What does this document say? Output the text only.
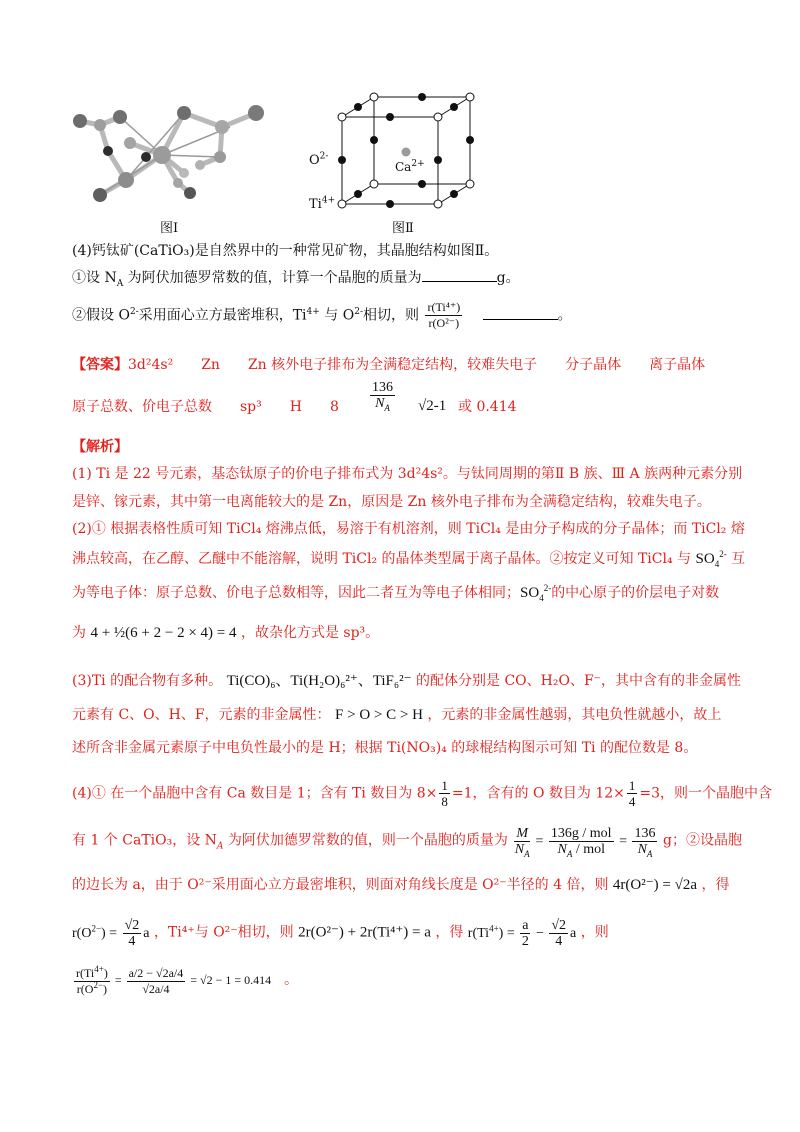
图Ⅰ
$O^{2-}$
$Ca^{2+}$
$Ti^{4+}$
图Ⅱ
(4)钙钛矿(CaTiO₃)是自然界中的一种常见矿物，其晶胞结构如图Ⅱ。
①设 $N_A$ 为阿伏加德罗常数的值，计算一个晶胞的质量为	g。
②假设 $O^{2-}$采用面心立方最密堆积，$Ti^{4+}$ 与 $O^{2-}$相切，则 $\frac{\text{r(Ti⁴⁺)}}{\text{r(O²⁻)}}$	。
【答案】3d²4s² Zn Zn 核外电子排布为全满稳定结构，较难失电子 分子晶体 离子晶体
原子总数、价电子总数 sp³ H 8	$\frac{136}{N_A} √2-1$ 或 0.414
【解析】
(1) Ti 是 22 号元素，基态钛原子的价电子排布式为 3d²4s²。与钛同周期的第Ⅱ B 族、Ⅲ A 族两种元素分别
是锌、镓元素，其中第一电离能较大的是 Zn，原因是 Zn 核外电子排布为全满稳定结构，较难失电子。
(2)① 根据表格性质可知 TiCl₄ 熔沸点低，易溶于有机溶剂，则 TiCl₄ 是由分子构成的分子晶体；而 TiCl₂ 熔
沸点较高，在乙醇、乙醚中不能溶解，说明 TiCl₂ 的晶体类型属于离子晶体。②按定义可知 TiCl₄ 与 $SO_4^{2-}$ 互
为等电子体：原子总数、价电子总数相等，因此二者互为等电子体相同；$SO_4^{2-}$的中心原子的价层电子对数
为 4 + ½(6 + 2 − 2 × 4) = 4 ，故杂化方式是 sp³。
(3)Ti 的配合物有多种。 Ti(CO)₆、Ti(H₂O)₆²⁺、TiF₆²⁻ 的配体分别是 CO、H₂O、F⁻，其中含有的非金属性
元素有 C、O、H、F，元素的非金属性： F > O > C > H ，元素的非金属性越弱，其电负性就越小，故上
述所含非金属元素原子中电负性最小的是 H；根据 Ti(NO₃)₄ 的球棍结构图示可知 Ti 的配位数是 8。
(4)① 在一个晶胞中含有 Ca 数目是 1；含有 Ti 数目为 $8\times \frac{1}{8} =1$，含有的 O 数目为 $12\times \frac{1}{4} =3$，则一个晶胞中含
有 1 个 CaTiO₃，设 $N_A$ 为阿伏加德罗常数的值，则一个晶胞的质量为 $\frac{M}{N_A} = \frac{\text{136g / mol}}{N_A / mol} = \frac{136}{N_A}$ g；②设晶胞
的边长为 a，由于 O²⁻采用面心立方最密堆积，则面对角线长度是 O²⁻半径的 4 倍，则 4r(O²⁻) = √2a ，得
$r(O^{2-}) = \frac{√2}{4}$ a ，Ti⁴⁺与 O²⁻相切，则 2r(O²⁻) + 2r(Ti⁴⁺) = a ，得 $r(Ti^{4+}) = \frac{a}{2} - \frac{√2}{4}$ a ，则
$\frac{r(Ti^{4+})}{r(O^{2-})} = \frac{a/2 - √2a/4}{√2a/4} = √2 - 1 = 0.414$ 。
